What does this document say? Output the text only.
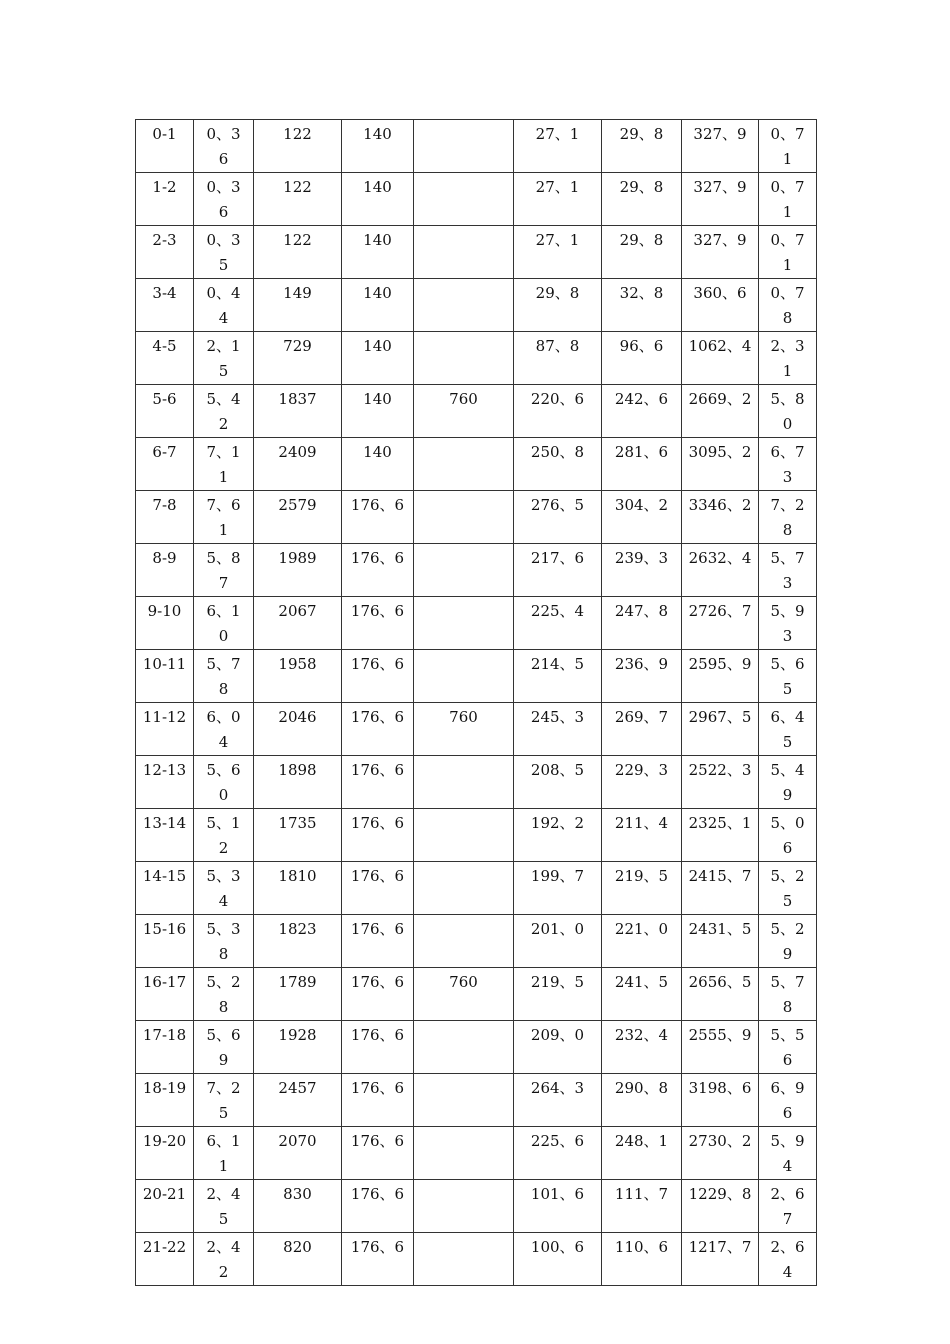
0-1	0、36	122	140		27、1	29、8	327、9	0、71

1-2	0、36	122	140		27、1	29、8	327、9	0、71

2-3	0、35	122	140		27、1	29、8	327、9	0、71

3-4	0、44	149	140		29、8	32、8	360、6	0、78

4-5	2、15	729	140		87、8	96、6	1062、4	2、31

5-6	5、42	1837	140	760	220、6	242、6	2669、2	5、80

6-7	7、11	2409	140		250、8	281、6	3095、2	6、73

7-8	7、61	2579	176、6		276、5	304、2	3346、2	7、28

8-9	5、87	1989	176、6		217、6	239、3	2632、4	5、73

9-10	6、10	2067	176、6		225、4	247、8	2726、7	5、93

10-11	5、78	1958	176、6		214、5	236、9	2595、9	5、65

11-12	6、04	2046	176、6	760	245、3	269、7	2967、5	6、45

12-13	5、60	1898	176、6		208、5	229、3	2522、3	5、49

13-14	5、12	1735	176、6		192、2	211、4	2325、1	5、06

14-15	5、34	1810	176、6		199、7	219、5	2415、7	5、25

15-16	5、38	1823	176、6		201、0	221、0	2431、5	5、29

16-17	5、28	1789	176、6	760	219、5	241、5	2656、5	5、78

17-18	5、69	1928	176、6		209、0	232、4	2555、9	5、56

18-19	7、25	2457	176、6		264、3	290、8	3198、6	6、96

19-20	6、11	2070	176、6		225、6	248、1	2730、2	5、94

20-21	2、45	830	176、6		101、6	111、7	1229、8	2、67

21-22	2、42	820	176、6		100、6	110、6	1217、7	2、64
